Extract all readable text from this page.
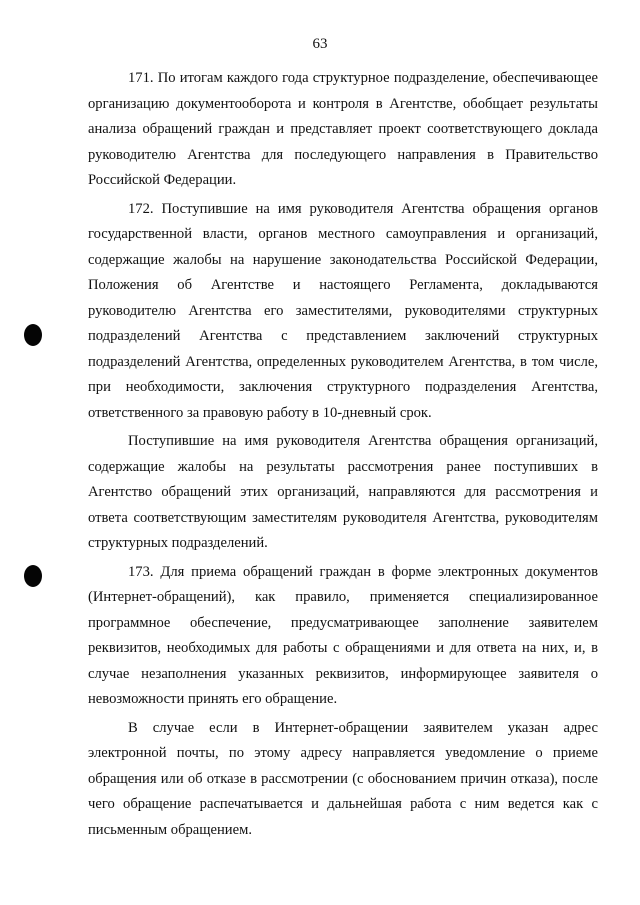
63

171. По итогам каждого года структурное подразделение, обеспечивающее организацию документооборота и контроля в Агентстве, обобщает результаты анализа обращений граждан и представляет проект соответствующего доклада руководителю Агентства для последующего направления в Правительство Российской Федерации.

172. Поступившие на имя руководителя Агентства обращения органов государственной власти, органов местного самоуправления и организаций, содержащие жалобы на нарушение законодательства Российской Федерации, Положения об Агентстве и настоящего Регламента, докладываются руководителю Агентства его заместителями, руководителями структурных подразделений Агентства с представлением заключений структурных подразделений Агентства, определенных руководителем Агентства, в том числе, при необходимости, заключения структурного подразделения Агентства, ответственного за правовую работу в 10-дневный срок.

Поступившие на имя руководителя Агентства обращения организаций, содержащие жалобы на результаты рассмотрения ранее поступивших в Агентство обращений этих организаций, направляются для рассмотрения и ответа соответствующим заместителям руководителя Агентства, руководителям структурных подразделений.

173. Для приема обращений граждан в форме электронных документов (Интернет-обращений), как правило, применяется специализированное программное обеспечение, предусматривающее заполнение заявителем реквизитов, необходимых для работы с обращениями и для ответа на них, и, в случае незаполнения указанных реквизитов, информирующее заявителя о невозможности принять его обращение.

В случае если в Интернет-обращении заявителем указан адрес электронной почты, по этому адресу направляется уведомление о приеме обращения или об отказе в рассмотрении (с обоснованием причин отказа), после чего обращение распечатывается и дальнейшая работа с ним ведется как с письменным обращением.
